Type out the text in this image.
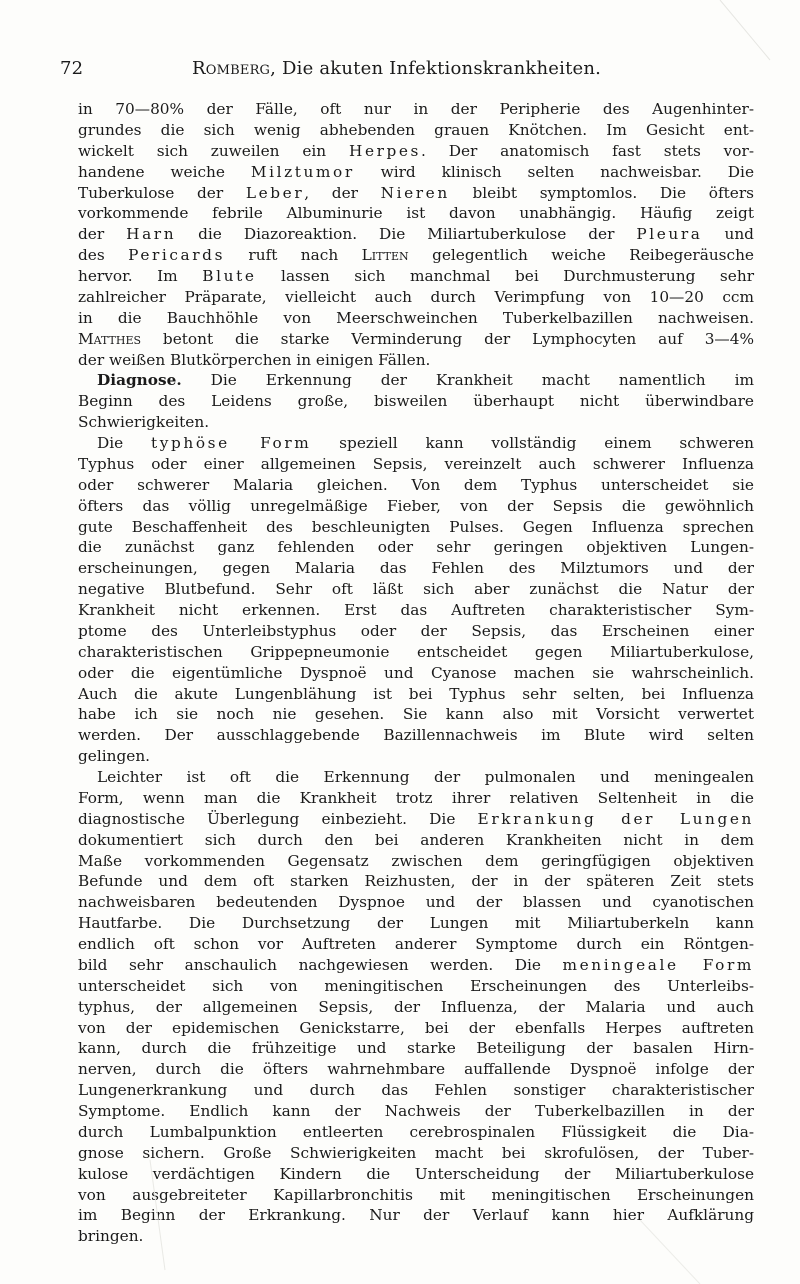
72	Romberg, Die akuten Infektionskrankheiten.
in 70—80% der Fälle, oft nur in der Peripherie des Augenhinter-
grundes die sich wenig abhebenden grauen Knötchen. Im Gesicht ent-
wickelt sich zuweilen ein Herpes. Der anatomisch fast stets vor-
handene weiche Milztumor wird klinisch selten nachweisbar. Die
Tuberkulose der Leber, der Nieren bleibt symptomlos. Die öfters
vorkommende febrile Albuminurie ist davon unabhängig. Häufig zeigt
der Harn die Diazoreaktion. Die Miliartuberkulose der Pleura und
des Pericards ruft nach Litten gelegentlich weiche Reibegeräusche
hervor. Im Blute lassen sich manchmal bei Durchmusterung sehr
zahlreicher Präparate, vielleicht auch durch Verimpfung von 10—20 ccm
in die Bauchhöhle von Meerschweinchen Tuberkelbazillen nachweisen.
Matthes betont die starke Verminderung der Lymphocyten auf 3—4%
der weißen Blutkörperchen in einigen Fällen.
Diagnose. Die Erkennung der Krankheit macht namentlich im
Beginn des Leidens große, bisweilen überhaupt nicht überwindbare
Schwierigkeiten.
Die typhöse Form speziell kann vollständig einem schweren
Typhus oder einer allgemeinen Sepsis, vereinzelt auch schwerer Influenza
oder schwerer Malaria gleichen. Von dem Typhus unterscheidet sie
öfters das völlig unregelmäßige Fieber, von der Sepsis die gewöhnlich
gute Beschaffenheit des beschleunigten Pulses. Gegen Influenza sprechen
die zunächst ganz fehlenden oder sehr geringen objektiven Lungen-
erscheinungen, gegen Malaria das Fehlen des Milztumors und der
negative Blutbefund. Sehr oft läßt sich aber zunächst die Natur der
Krankheit nicht erkennen. Erst das Auftreten charakteristischer Sym-
ptome des Unterleibstyphus oder der Sepsis, das Erscheinen einer
charakteristischen Grippepneumonie entscheidet gegen Miliartuberkulose,
oder die eigentümliche Dyspnoë und Cyanose machen sie wahrscheinlich.
Auch die akute Lungenblähung ist bei Typhus sehr selten, bei Influenza
habe ich sie noch nie gesehen. Sie kann also mit Vorsicht verwertet
werden. Der ausschlaggebende Bazillennachweis im Blute wird selten
gelingen.
Leichter ist oft die Erkennung der pulmonalen und meningealen
Form, wenn man die Krankheit trotz ihrer relativen Seltenheit in die
diagnostische Überlegung einbezieht. Die Erkrankung der Lungen
dokumentiert sich durch den bei anderen Krankheiten nicht in dem
Maße vorkommenden Gegensatz zwischen dem geringfügigen objektiven
Befunde und dem oft starken Reizhusten, der in der späteren Zeit stets
nachweisbaren bedeutenden Dyspnoe und der blassen und cyanotischen
Hautfarbe. Die Durchsetzung der Lungen mit Miliartuberkeln kann
endlich oft schon vor Auftreten anderer Symptome durch ein Röntgen-
bild sehr anschaulich nachgewiesen werden. Die meningeale Form
unterscheidet sich von meningitischen Erscheinungen des Unterleibs-
typhus, der allgemeinen Sepsis, der Influenza, der Malaria und auch
von der epidemischen Genickstarre, bei der ebenfalls Herpes auftreten
kann, durch die frühzeitige und starke Beteiligung der basalen Hirn-
nerven, durch die öfters wahrnehmbare auffallende Dyspnoë infolge der
Lungenerkrankung und durch das Fehlen sonstiger charakteristischer
Symptome. Endlich kann der Nachweis der Tuberkelbazillen in der
durch Lumbalpunktion entleerten cerebrospinalen Flüssigkeit die Dia-
gnose sichern. Große Schwierigkeiten macht bei skrofulösen, der Tuber-
kulose verdächtigen Kindern die Unterscheidung der Miliartuberkulose
von ausgebreiteter Kapillarbronchitis mit meningitischen Erscheinungen
im Beginn der Erkrankung. Nur der Verlauf kann hier Aufklärung
bringen.
